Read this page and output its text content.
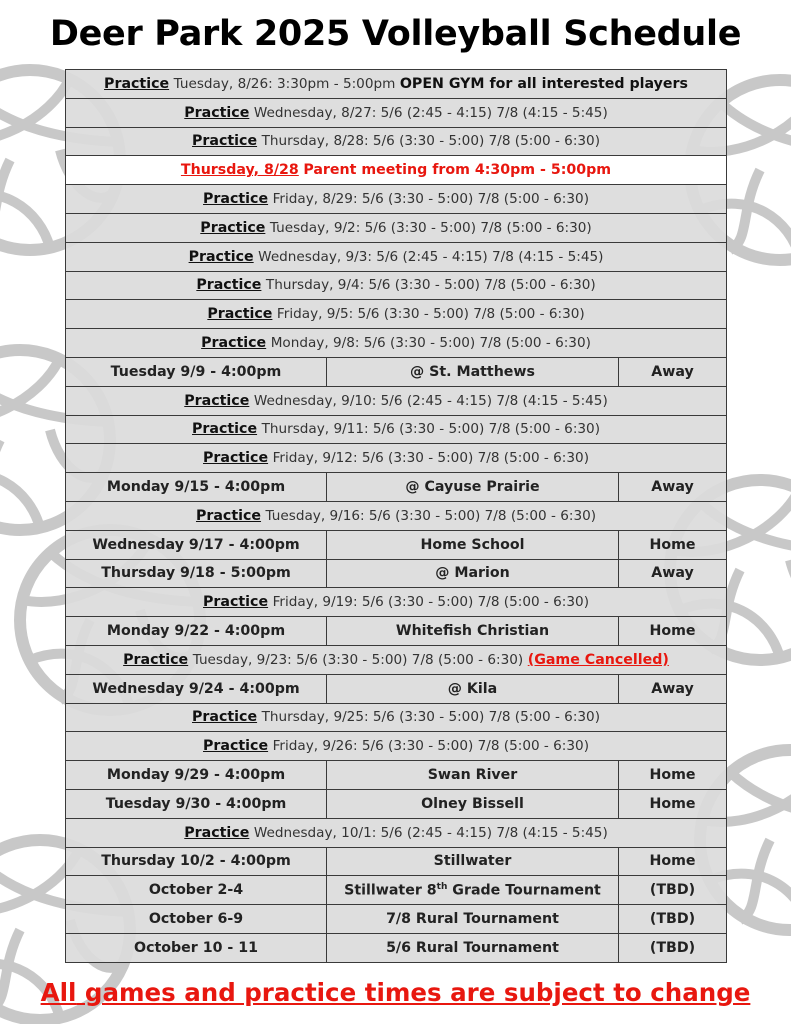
Deer Park 2025 Volleyball Schedule
Practice Tuesday, 8/26: 3:30pm - 5:00pm OPEN GYM for all interested players		
Practice Wednesday, 8/27: 5/6 (2:45 - 4:15) 7/8 (4:15 - 5:45)		
Practice Thursday, 8/28: 5/6 (3:30 - 5:00) 7/8 (5:00 - 6:30)		
Thursday, 8/28 Parent meeting from 4:30pm - 5:00pm		
Practice Friday, 8/29: 5/6 (3:30 - 5:00) 7/8 (5:00 - 6:30)		
Practice Tuesday, 9/2: 5/6 (3:30 - 5:00) 7/8 (5:00 - 6:30)		
Practice Wednesday, 9/3: 5/6 (2:45 - 4:15) 7/8 (4:15 - 5:45)		
Practice Thursday, 9/4: 5/6 (3:30 - 5:00) 7/8 (5:00 - 6:30)		
Practice Friday, 9/5: 5/6 (3:30 - 5:00) 7/8 (5:00 - 6:30)		
Practice Monday, 9/8: 5/6 (3:30 - 5:00) 7/8 (5:00 - 6:30)		
Tuesday 9/9 - 4:00pm	@ St. Matthews	Away
Practice Wednesday, 9/10: 5/6 (2:45 - 4:15) 7/8 (4:15 - 5:45)		
Practice Thursday, 9/11: 5/6 (3:30 - 5:00) 7/8 (5:00 - 6:30)		
Practice Friday, 9/12: 5/6 (3:30 - 5:00) 7/8 (5:00 - 6:30)		
Monday 9/15 - 4:00pm	@ Cayuse Prairie	Away
Practice Tuesday, 9/16: 5/6 (3:30 - 5:00) 7/8 (5:00 - 6:30)		
Wednesday 9/17 - 4:00pm	Home School	Home
Thursday 9/18 - 5:00pm	@ Marion	Away
Practice Friday, 9/19: 5/6 (3:30 - 5:00) 7/8 (5:00 - 6:30)		
Monday 9/22 - 4:00pm	Whitefish Christian	Home
Practice Tuesday, 9/23: 5/6 (3:30 - 5:00) 7/8 (5:00 - 6:30) (Game Cancelled)		
Wednesday 9/24 - 4:00pm	@ Kila	Away
Practice Thursday, 9/25: 5/6 (3:30 - 5:00) 7/8 (5:00 - 6:30)		
Practice Friday, 9/26: 5/6 (3:30 - 5:00) 7/8 (5:00 - 6:30)		
Monday 9/29 - 4:00pm	Swan River	Home
Tuesday 9/30 - 4:00pm	Olney Bissell	Home
Practice Wednesday, 10/1: 5/6 (2:45 - 4:15) 7/8 (4:15 - 5:45)		
Thursday 10/2 - 4:00pm	Stillwater	Home
October 2-4	Stillwater 8th Grade Tournament	(TBD)
October 6-9	7/8 Rural Tournament	(TBD)
October 10 - 11	5/6 Rural Tournament	(TBD)
All games and practice times are subject to change
